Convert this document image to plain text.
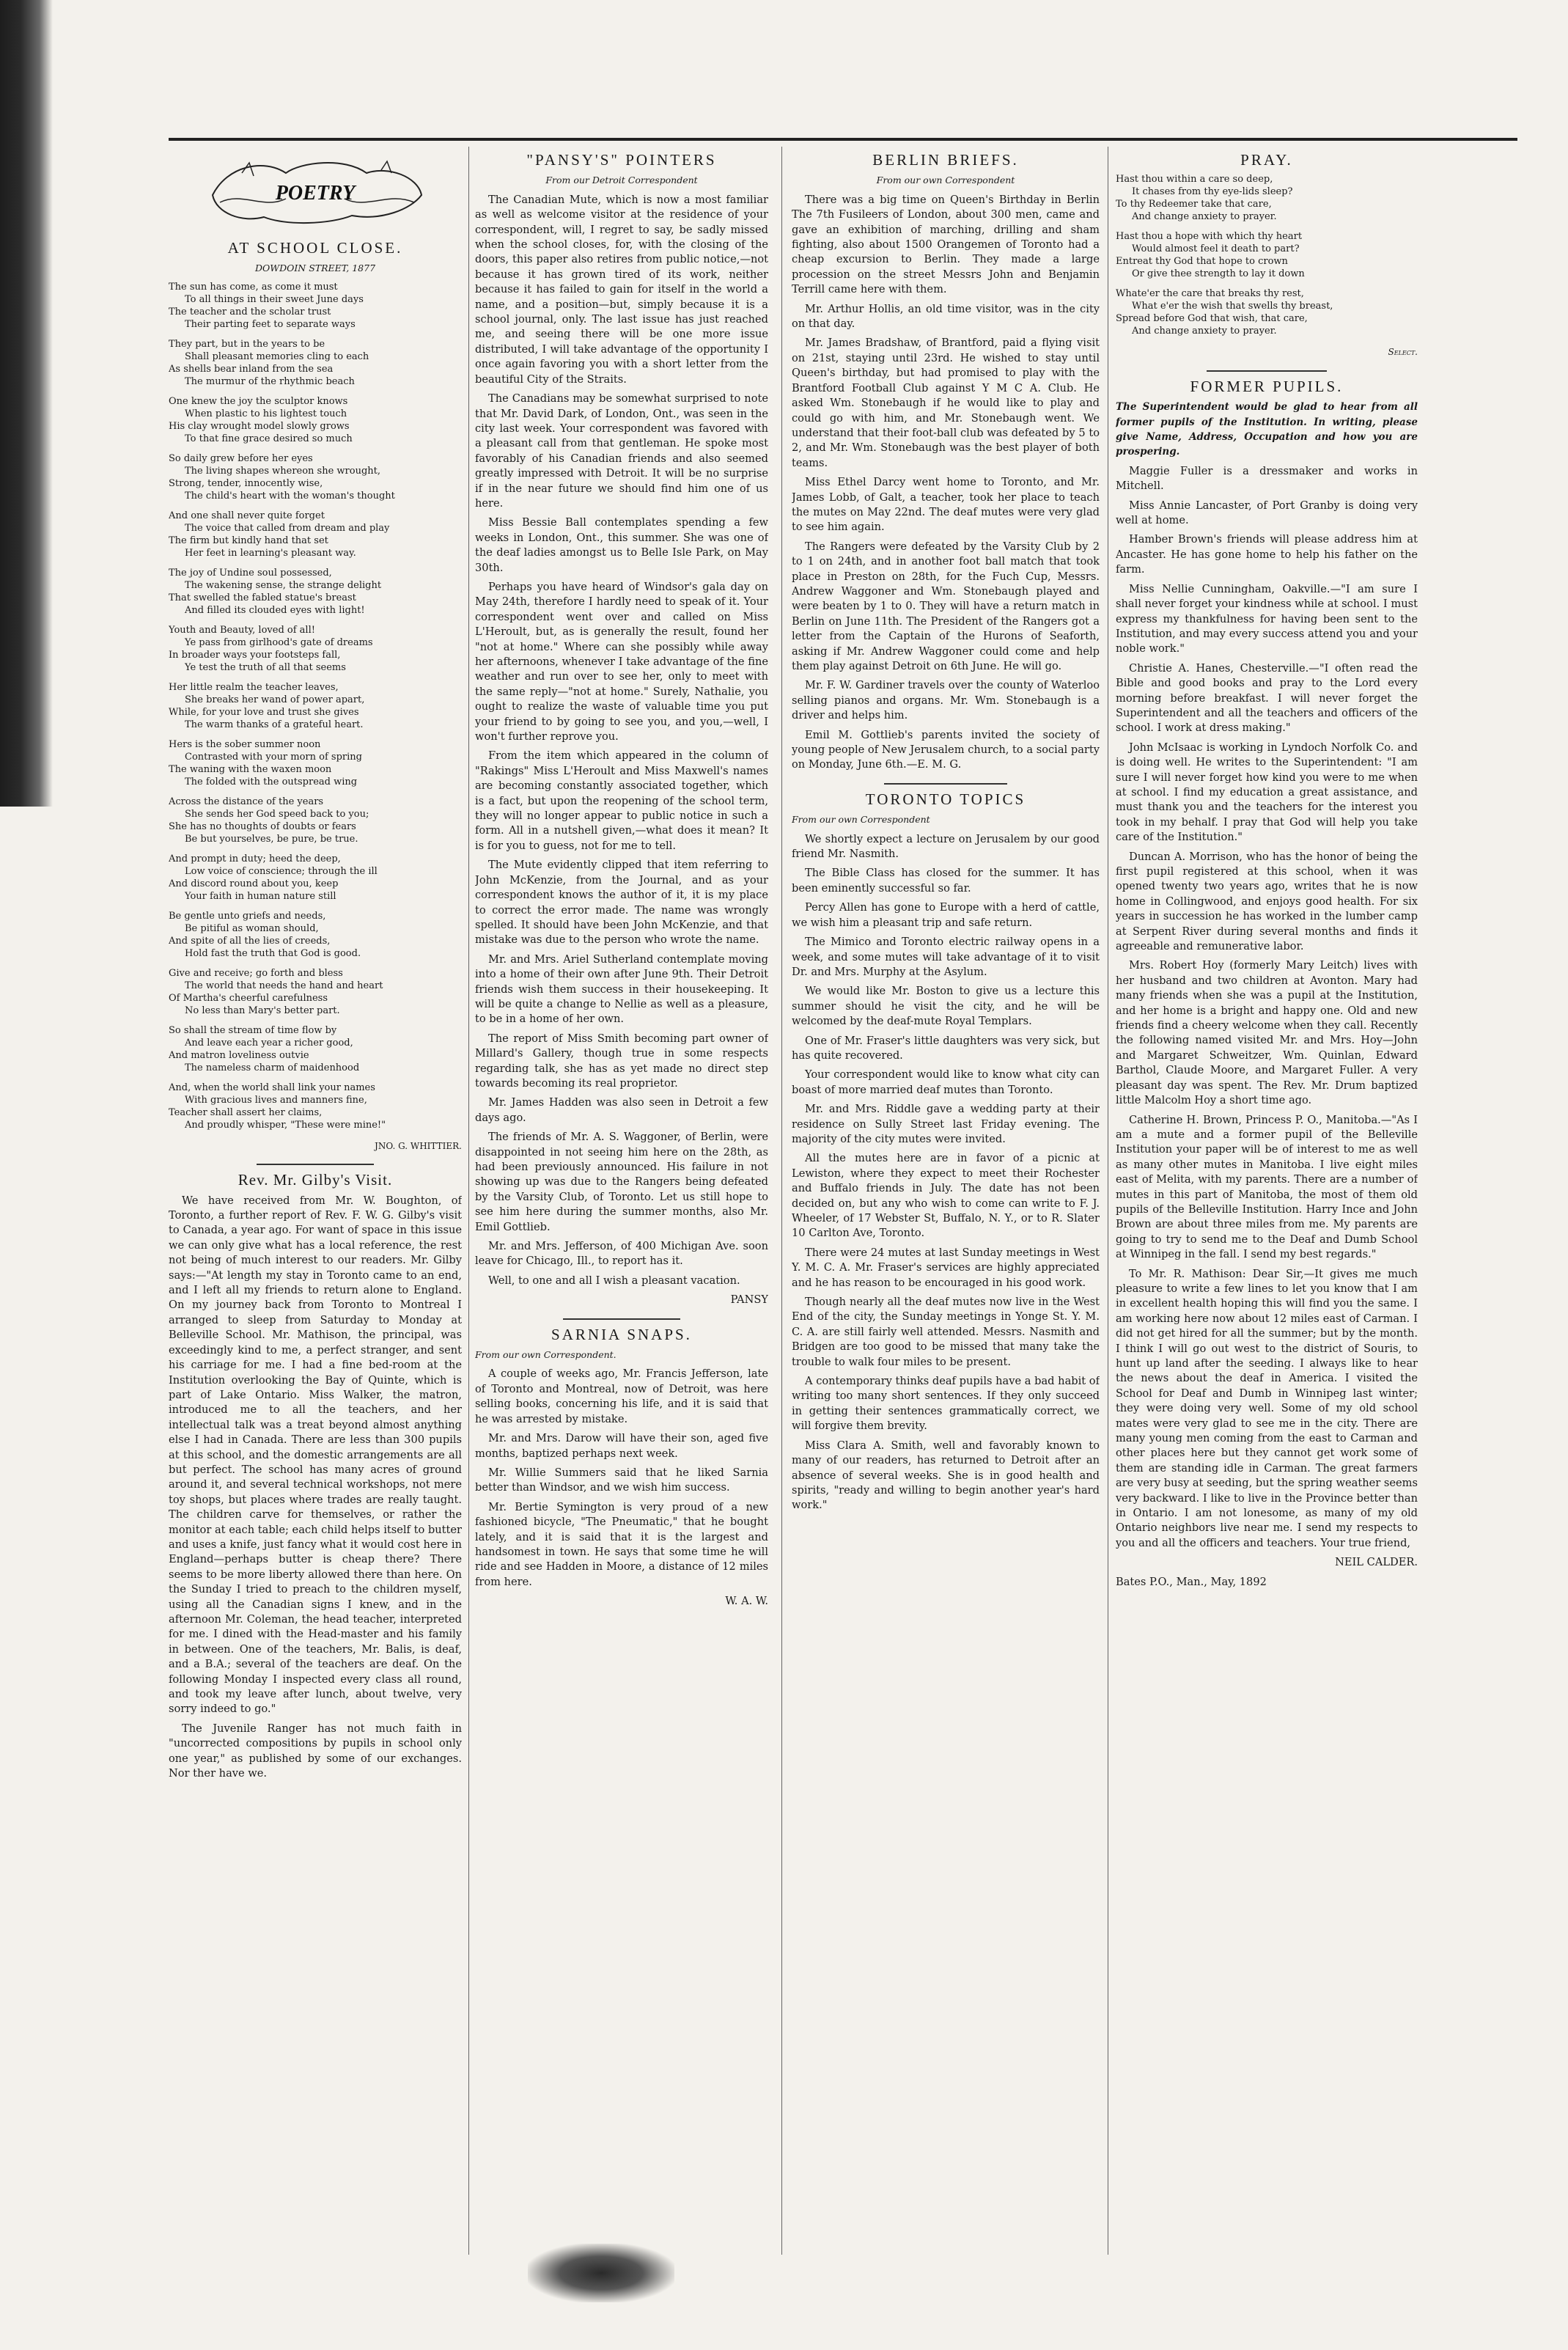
POETRY
AT SCHOOL CLOSE.
DOWDOIN STREET, 1877

The sun has come, as come it must
To all things in their sweet June days
The teacher and the scholar trust
Their parting feet to separate ways

They part, but in the years to be
Shall pleasant memories cling to each
As shells bear inland from the sea
The murmur of the rhythmic beach

One knew the joy the sculptor knows
When plastic to his lightest touch
His clay wrought model slowly grows
To that fine grace desired so much

So daily grew before her eyes
The living shapes whereon she wrought,
Strong, tender, innocently wise,
The child's heart with the woman's thought

And one shall never quite forget
The voice that called from dream and play
The firm but kindly hand that set
Her feet in learning's pleasant way.

The joy of Undine soul possessed,
The wakening sense, the strange delight
That swelled the fabled statue's breast
And filled its clouded eyes with light!

Youth and Beauty, loved of all!
Ye pass from girlhood's gate of dreams
In broader ways your footsteps fall,
Ye test the truth of all that seems

Her little realm the teacher leaves,
She breaks her wand of power apart,
While, for your love and trust she gives
The warm thanks of a grateful heart.

Hers is the sober summer noon
Contrasted with your morn of spring
The waning with the waxen moon
The folded with the outspread wing

Across the distance of the years
She sends her God speed back to you;
She has no thoughts of doubts or fears
Be but yourselves, be pure, be true.

And prompt in duty; heed the deep,
Low voice of conscience; through the ill
And discord round about you, keep
Your faith in human nature still

Be gentle unto griefs and needs,
Be pitiful as woman should,
And spite of all the lies of creeds,
Hold fast the truth that God is good.

Give and receive; go forth and bless
The world that needs the hand and heart
Of Martha's cheerful carefulness
No less than Mary's better part.

So shall the stream of time flow by
And leave each year a richer good,
And matron loveliness outvie
The nameless charm of maidenhood

And, when the world shall link your names
With gracious lives and manners fine,
Teacher shall assert her claims,
And proudly whisper, "These were mine!"

JNO. G. WHITTIER.
Rev. Mr. Gilby's Visit.

We have received from Mr. W. Boughton, of Toronto, a further report of Rev. F. W. G. Gilby's visit to Canada, a year ago. For want of space in this issue we can only give what has a local reference, the rest not being of much interest to our readers. Mr. Gilby says:—"At length my stay in Toronto came to an end, and I left all my friends to return alone to England. On my journey back from Toronto to Montreal I arranged to sleep from Saturday to Monday at Belleville School. Mr. Mathison, the principal, was exceedingly kind to me, a perfect stranger, and sent his carriage for me. I had a fine bed-room at the Institution overlooking the Bay of Quinte, which is part of Lake Ontario. Miss Walker, the matron, introduced me to all the teachers, and her intellectual talk was a treat beyond almost anything else I had in Canada. There are less than 300 pupils at this school, and the domestic arrangements are all but perfect. The school has many acres of ground around it, and several technical workshops, not mere toy shops, but places where trades are really taught. The children carve for themselves, or rather the monitor at each table; each child helps itself to butter and uses a knife, just fancy what it would cost here in England—perhaps butter is cheap there? There seems to be more liberty allowed there than here. On the Sunday I tried to preach to the children myself, using all the Canadian signs I knew, and in the afternoon Mr. Coleman, the head teacher, interpreted for me. I dined with the Head-master and his family in between. One of the teachers, Mr. Balis, is deaf, and a B.A.; several of the teachers are deaf. On the following Monday I inspected every class all round, and took my leave after lunch, about twelve, very sorry indeed to go."

The Juvenile Ranger has not much faith in "uncorrected compositions by pupils in school only one year," as published by some of our exchanges. Nor ther have we.

"PANSY'S" POINTERS
From our Detroit Correspondent

The Canadian Mute, which is now a most familiar as well as welcome visitor at the residence of your correspondent, will, I regret to say, be sadly missed when the school closes, for, with the closing of the doors, this paper also retires from public notice,—not because it has grown tired of its work, neither because it has failed to gain for itself in the world a name, and a position—but, simply because it is a school journal, only. The last issue has just reached me, and seeing there will be one more issue distributed, I will take advantage of the opportunity I once again favoring you with a short letter from the beautiful City of the Straits.

The Canadians may be somewhat surprised to note that Mr. David Dark, of London, Ont., was seen in the city last week. Your correspondent was favored with a pleasant call from that gentleman. He spoke most favorably of his Canadian friends and also seemed greatly impressed with Detroit. It will be no surprise if in the near future we should find him one of us here.

Miss Bessie Ball contemplates spending a few weeks in London, Ont., this summer. She was one of the deaf ladies amongst us to Belle Isle Park, on May 30th.

Perhaps you have heard of Windsor's gala day on May 24th, therefore I hardly need to speak of it. Your correspondent went over and called on Miss L'Heroult, but, as is generally the result, found her "not at home." Where can she possibly while away her afternoons, whenever I take advantage of the fine weather and run over to see her, only to meet with the same reply—"not at home." Surely, Nathalie, you ought to realize the waste of valuable time you put your friend to by going to see you, and you,—well, I won't further reprove you.

From the item which appeared in the column of "Rakings" Miss L'Heroult and Miss Maxwell's names are becoming constantly associated together, which is a fact, but upon the reopening of the school term, they will no longer appear to public notice in such a form. All in a nutshell given,—what does it mean? It is for you to guess, not for me to tell.

The Mute evidently clipped that item referring to John McKenzie, from the Journal, and as your correspondent knows the author of it, it is my place to correct the error made. The name was wrongly spelled. It should have been John McKenzie, and that mistake was due to the person who wrote the name.

Mr. and Mrs. Ariel Sutherland contemplate moving into a home of their own after June 9th. Their Detroit friends wish them success in their housekeeping. It will be quite a change to Nellie as well as a pleasure, to be in a home of her own.

The report of Miss Smith becoming part owner of Millard's Gallery, though true in some respects regarding talk, she has as yet made no direct step towards becoming its real proprietor.

Mr. James Hadden was also seen in Detroit a few days ago.

The friends of Mr. A. S. Waggoner, of Berlin, were disappointed in not seeing him here on the 28th, as had been previously announced. His failure in not showing up was due to the Rangers being defeated by the Varsity Club, of Toronto. Let us still hope to see him here during the summer months, also Mr. Emil Gottlieb.

Mr. and Mrs. Jefferson, of 400 Michigan Ave. soon leave for Chicago, Ill., to report has it.

Well, to one and all I wish a pleasant vacation.

PANSY
SARNIA SNAPS.
From our own Correspondent.

A couple of weeks ago, Mr. Francis Jefferson, late of Toronto and Montreal, now of Detroit, was here selling books, concerning his life, and it is said that he was arrested by mistake.

Mr. and Mrs. Darow will have their son, aged five months, baptized perhaps next week.

Mr. Willie Summers said that he liked Sarnia better than Windsor, and we wish him success.

Mr. Bertie Symington is very proud of a new fashioned bicycle, "The Pneumatic," that he bought lately, and it is said that it is the largest and handsomest in town. He says that some time he will ride and see Hadden in Moore, a distance of 12 miles from here.

W. A. W.
BERLIN BRIEFS.
From our own Correspondent

There was a big time on Queen's Birthday in Berlin The 7th Fusileers of London, about 300 men, came and gave an exhibition of marching, drilling and sham fighting, also about 1500 Orangemen of Toronto had a cheap excursion to Berlin. They made a large procession on the street Messrs John and Benjamin Terrill came here with them.

Mr. Arthur Hollis, an old time visitor, was in the city on that day.

Mr. James Bradshaw, of Brantford, paid a flying visit on 21st, staying until 23rd. He wished to stay until Queen's birthday, but had promised to play with the Brantford Football Club against Y M C A. Club. He asked Wm. Stonebaugh if he would like to play and could go with him, and Mr. Stonebaugh went. We understand that their foot-ball club was defeated by 5 to 2, and Mr. Wm. Stonebaugh was the best player of both teams.

Miss Ethel Darcy went home to Toronto, and Mr. James Lobb, of Galt, a teacher, took her place to teach the mutes on May 22nd. The deaf mutes were very glad to see him again.

The Rangers were defeated by the Varsity Club by 2 to 1 on 24th, and in another foot ball match that took place in Preston on 28th, for the Fuch Cup, Messrs. Andrew Waggoner and Wm. Stonebaugh played and were beaten by 1 to 0. They will have a return match in Berlin on June 11th. The President of the Rangers got a letter from the Captain of the Hurons of Seaforth, asking if Mr. Andrew Waggoner could come and help them play against Detroit on 6th June. He will go.

Mr. F. W. Gardiner travels over the county of Waterloo selling pianos and organs. Mr. Wm. Stonebaugh is a driver and helps him.

Emil M. Gottlieb's parents invited the society of young people of New Jerusalem church, to a social party on Monday, June 6th.—E. M. G.

TORONTO TOPICS
From our own Correspondent

We shortly expect a lecture on Jerusalem by our good friend Mr. Nasmith.

The Bible Class has closed for the summer. It has been eminently successful so far.

Percy Allen has gone to Europe with a herd of cattle, we wish him a pleasant trip and safe return.

The Mimico and Toronto electric railway opens in a week, and some mutes will take advantage of it to visit Dr. and Mrs. Murphy at the Asylum.

We would like Mr. Boston to give us a lecture this summer should he visit the city, and he will be welcomed by the deaf-mute Royal Templars.

One of Mr. Fraser's little daughters was very sick, but has quite recovered.

Your correspondent would like to know what city can boast of more married deaf mutes than Toronto.

Mr. and Mrs. Riddle gave a wedding party at their residence on Sully Street last Friday evening. The majority of the city mutes were invited.

All the mutes here are in favor of a picnic at Lewiston, where they expect to meet their Rochester and Buffalo friends in July. The date has not been decided on, but any who wish to come can write to F. J. Wheeler, of 17 Webster St, Buffalo, N. Y., or to R. Slater 10 Carlton Ave, Toronto.

There were 24 mutes at last Sunday meetings in West Y. M. C. A. Mr. Fraser's services are highly appreciated and he has reason to be encouraged in his good work.

Though nearly all the deaf mutes now live in the West End of the city, the Sunday meetings in Yonge St. Y. M. C. A. are still fairly well attended. Messrs. Nasmith and Bridgen are too good to be missed that many take the trouble to walk four miles to be present.

A contemporary thinks deaf pupils have a bad habit of writing too many short sentences. If they only succeed in getting their sentences grammatically correct, we will forgive them brevity.

Miss Clara A. Smith, well and favorably known to many of our readers, has returned to Detroit after an absence of several weeks. She is in good health and spirits, "ready and willing to begin another year's hard work."

PRAY.

Hast thou within a care so deep,
It chases from thy eye-lids sleep?
To thy Redeemer take that care,
And change anxiety to prayer.

Hast thou a hope with which thy heart
Would almost feel it death to part?
Entreat thy God that hope to crown
Or give thee strength to lay it down

Whate'er the care that breaks thy rest,
What e'er the wish that swells thy breast,
Spread before God that wish, that care,
And change anxiety to prayer.

Select.
FORMER PUPILS.

The Superintendent would be glad to hear from all former pupils of the Institution. In writing, please give Name, Address, Occupation and how you are prospering.

Maggie Fuller is a dressmaker and works in Mitchell.

Miss Annie Lancaster, of Port Granby is doing very well at home.

Hamber Brown's friends will please address him at Ancaster. He has gone home to help his father on the farm.

Miss Nellie Cunningham, Oakville.—"I am sure I shall never forget your kindness while at school. I must express my thankfulness for having been sent to the Institution, and may every success attend you and your noble work."

Christie A. Hanes, Chesterville.—"I often read the Bible and good books and pray to the Lord every morning before breakfast. I will never forget the Superintendent and all the teachers and officers of the school. I work at dress making."

John McIsaac is working in Lyndoch Norfolk Co. and is doing well. He writes to the Superintendent: "I am sure I will never forget how kind you were to me when at school. I find my education a great assistance, and must thank you and the teachers for the interest you took in my behalf. I pray that God will help you take care of the Institution."

Duncan A. Morrison, who has the honor of being the first pupil registered at this school, when it was opened twenty two years ago, writes that he is now home in Collingwood, and enjoys good health. For six years in succession he has worked in the lumber camp at Serpent River during several months and finds it agreeable and remunerative labor.

Mrs. Robert Hoy (formerly Mary Leitch) lives with her husband and two children at Avonton. Mary had many friends when she was a pupil at the Institution, and her home is a bright and happy one. Old and new friends find a cheery welcome when they call. Recently the following named visited Mr. and Mrs. Hoy—John and Margaret Schweitzer, Wm. Quinlan, Edward Barthol, Claude Moore, and Margaret Fuller. A very pleasant day was spent. The Rev. Mr. Drum baptized little Malcolm Hoy a short time ago.

Catherine H. Brown, Princess P. O., Manitoba.—"As I am a mute and a former pupil of the Belleville Institution your paper will be of interest to me as well as many other mutes in Manitoba. I live eight miles east of Melita, with my parents. There are a number of mutes in this part of Manitoba, the most of them old pupils of the Belleville Institution. Harry Ince and John Brown are about three miles from me. My parents are going to try to send me to the Deaf and Dumb School at Winnipeg in the fall. I send my best regards."

To Mr. R. Mathison: Dear Sir,—It gives me much pleasure to write a few lines to let you know that I am in excellent health hoping this will find you the same. I am working here now about 12 miles east of Carman. I did not get hired for all the summer; but by the month. I think I will go out west to the district of Souris, to hunt up land after the seeding. I always like to hear the news about the deaf in America. I visited the School for Deaf and Dumb in Winnipeg last winter; they were doing very well. Some of my old school mates were very glad to see me in the city. There are many young men coming from the east to Carman and other places here but they cannot get work some of them are standing idle in Carman. The great farmers are very busy at seeding, but the spring weather seems very backward. I like to live in the Province better than in Ontario. I am not lonesome, as many of my old Ontario neighbors live near me. I send my respects to you and all the officers and teachers. Your true friend,

NEIL CALDER.

Bates P.O., Man., May, 1892
